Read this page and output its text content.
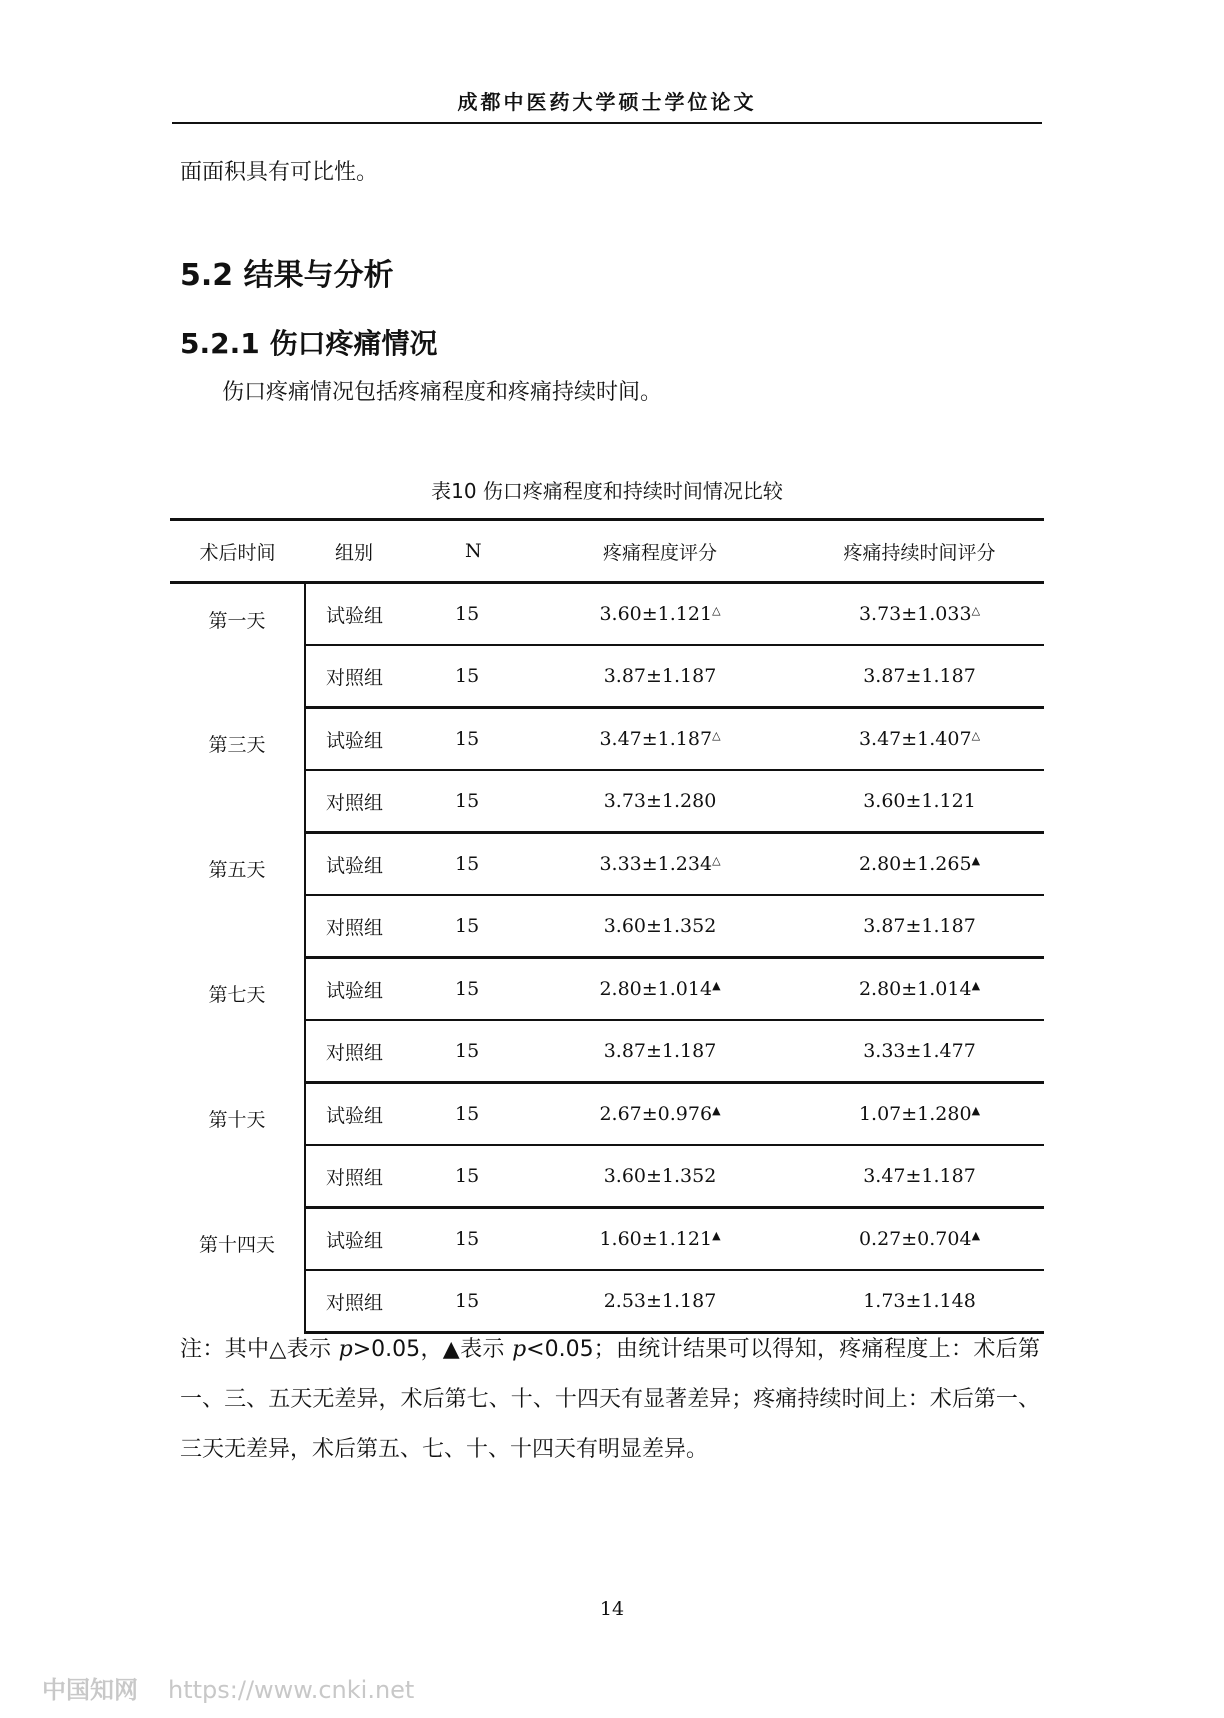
成都中医药大学硕士学位论文
面面积具有可比性。
5.2 结果与分析
5.2.1 伤口疼痛情况
伤口疼痛情况包括疼痛程度和疼痛持续时间。
表10 伤口疼痛程度和持续时间情况比较
术后时间	组别	N	疼痛程度评分	疼痛持续时间评分
第一天	试验组	15	3.60±1.121△	3.73±1.033△
	对照组	15	3.87±1.187	3.87±1.187
第三天	试验组	15	3.47±1.187△	3.47±1.407△
	对照组	15	3.73±1.280	3.60±1.121
第五天	试验组	15	3.33±1.234△	2.80±1.265▲
	对照组	15	3.60±1.352	3.87±1.187
第七天	试验组	15	2.80±1.014▲	2.80±1.014▲
	对照组	15	3.87±1.187	3.33±1.477
第十天	试验组	15	2.67±0.976▲	1.07±1.280▲
	对照组	15	3.60±1.352	3.47±1.187
第十四天	试验组	15	1.60±1.121▲	0.27±0.704▲
	对照组	15	2.53±1.187	1.73±1.148
注：其中△表示 p>0.05，▲表示 p<0.05；由统计结果可以得知，疼痛程度上：术后第一、三、五天无差异，术后第七、十、十四天有显著差异；疼痛持续时间上：术后第一、三天无差异，术后第五、七、十、十四天有明显差异。
14
中国知网 https://www.cnki.net
